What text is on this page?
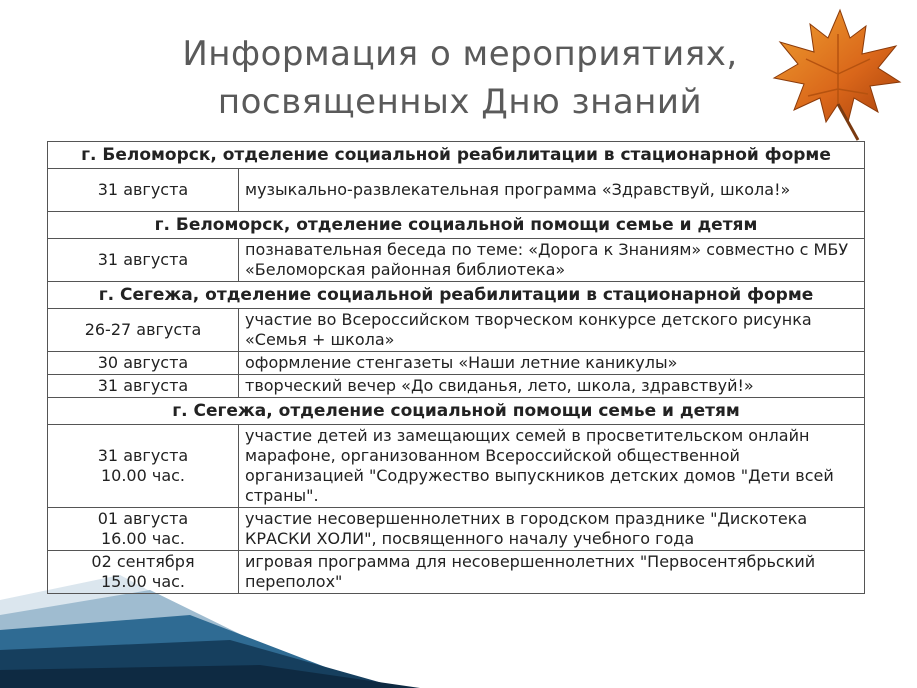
Информация о мероприятиях,
посвященных Дню знаний
г. Беломорск, отделение социальной реабилитации в стационарной форме	
31 августа	музыкально-развлекательная программа «Здравствуй, школа!»
г. Беломорск, отделение социальной помощи семье и детям	
31 августа	познавательная беседа по теме: «Дорога к Знаниям» совместно с МБУ «Беломорская районная библиотека»
г. Сегежа, отделение социальной реабилитации в стационарной форме	
26-27 августа	участие во Всероссийском творческом конкурсе детского рисунка «Семья + школа»
30 августа	оформление стенгазеты «Наши летние каникулы»
31 августа	творческий вечер «До свиданья, лето, школа, здравствуй!»
г. Сегежа, отделение социальной помощи семье и детям	
31 августа
10.00 час.	участие детей из замещающих семей в просветительском онлайн марафоне, организованном Всероссийской общественной организацией "Содружество выпускников детских домов "Дети всей страны".
01 августа
16.00 час.	участие несовершеннолетних в городском празднике "Дискотека КРАСКИ ХОЛИ", посвященного началу учебного года
02 сентября
15.00 час.	игровая программа для несовершеннолетних "Первосентябрьский переполох"
